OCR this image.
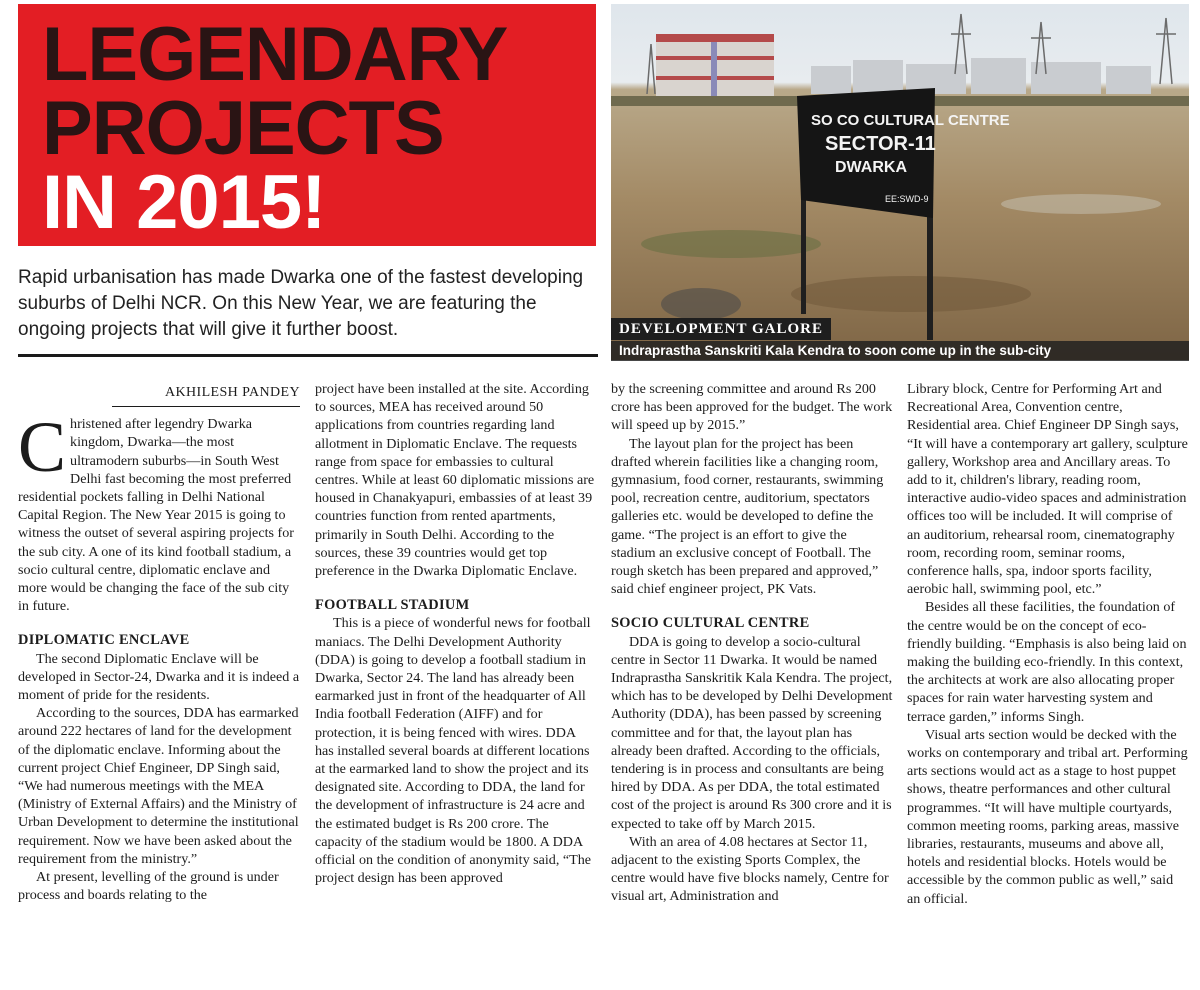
LEGENDARY
PROJECTS
IN 2015!

Rapid urbanisation has made Dwarka one of the fastest developing suburbs of Delhi NCR. On this New Year, we are featuring the ongoing projects that will give it further boost.

SO CO CULTURAL CENTRE
SECTOR-11
DWARKA
EE:SWD-9
DEVELOPMENT GALORE
Indraprastha Sanskriti Kala Kendra to soon come up in the sub-city
AKHILESH PANDEY

C hristened after legendry Dwarka kingdom, Dwarka—the most ultramodern suburbs—in South West Delhi fast becoming the most preferred residential pockets falling in Delhi National Capital Region. The New Year 2015 is going to witness the outset of several aspiring projects for the sub city. A one of its kind football stadium, a socio cultural centre, diplomatic enclave and more would be changing the face of the sub city in future.

DIPLOMATIC ENCLAVE

The second Diplomatic Enclave will be developed in Sector-24, Dwarka and it is indeed a moment of pride for the residents.

According to the sources, DDA has earmarked around 222 hectares of land for the development of the diplomatic enclave. Informing about the current project Chief Engineer, DP Singh said, “We had numerous meetings with the MEA (Ministry of External Affairs) and the Ministry of Urban Development to determine the institutional requirement. Now we have been asked about the requirement from the ministry.”

At present, levelling of the ground is under process and boards relating to the

project have been installed at the site. According to sources, MEA has received around 50 applications from countries regarding land allotment in Diplomatic Enclave. The requests range from space for embassies to cultural centres. While at least 60 diplomatic missions are housed in Chanakyapuri, embassies of at least 39 countries function from rented apartments, primarily in South Delhi. According to the sources, these 39 countries would get top preference in the Dwarka Diplomatic Enclave.

FOOTBALL STADIUM

This is a piece of wonderful news for football maniacs. The Delhi Development Authority (DDA) is going to develop a football stadium in Dwarka, Sector 24. The land has already been earmarked just in front of the headquarter of All India football Federation (AIFF) and for protection, it is being fenced with wires. DDA has installed several boards at different locations at the earmarked land to show the project and its designated site. According to DDA, the land for the development of infrastructure is 24 acre and the estimated budget is Rs 200 crore. The capacity of the stadium would be 1800. A DDA official on the condition of anonymity said, “The project design has been approved

by the screening committee and around Rs 200 crore has been approved for the budget. The work will speed up by 2015.”

The layout plan for the project has been drafted wherein facilities like a changing room, gymnasium, food corner, restaurants, swimming pool, recreation centre, auditorium, spectators galleries etc. would be developed to define the game. “The project is an effort to give the stadium an exclusive concept of Football. The rough sketch has been prepared and approved,” said chief engineer project, PK Vats.

SOCIO CULTURAL CENTRE

DDA is going to develop a socio-cultural centre in Sector 11 Dwarka. It would be named Indraprastha Sanskritik Kala Kendra. The project, which has to be developed by Delhi Development Authority (DDA), has been passed by screening committee and for that, the layout plan has already been drafted. According to the officials, tendering is in process and consultants are being hired by DDA. As per DDA, the total estimated cost of the project is around Rs 300 crore and it is expected to take off by March 2015.

With an area of 4.08 hectares at Sector 11, adjacent to the existing Sports Complex, the centre would have five blocks namely, Centre for visual art, Administration and

Library block, Centre for Performing Art and Recreational Area, Convention centre, Residential area. Chief Engineer DP Singh says, “It will have a contemporary art gallery, sculpture gallery, Workshop area and Ancillary areas. To add to it, children's library, reading room, interactive audio-video spaces and administration offices too will be included. It will comprise of an auditorium, rehearsal room, cinematography room, recording room, seminar rooms, conference halls, spa, indoor sports facility, aerobic hall, swimming pool, etc.”

Besides all these facilities, the foundation of the centre would be on the concept of eco-friendly building. “Emphasis is also being laid on making the building eco-friendly. In this context, the architects at work are also allocating proper spaces for rain water harvesting system and terrace garden,” informs Singh.

Visual arts section would be decked with the works on contemporary and tribal art. Performing arts sections would act as a stage to host puppet shows, theatre performances and other cultural programmes. “It will have multiple courtyards, common meeting rooms, parking areas, massive libraries, restaurants, museums and above all, hotels and residential blocks. Hotels would be accessible by the common public as well,” said an official.
